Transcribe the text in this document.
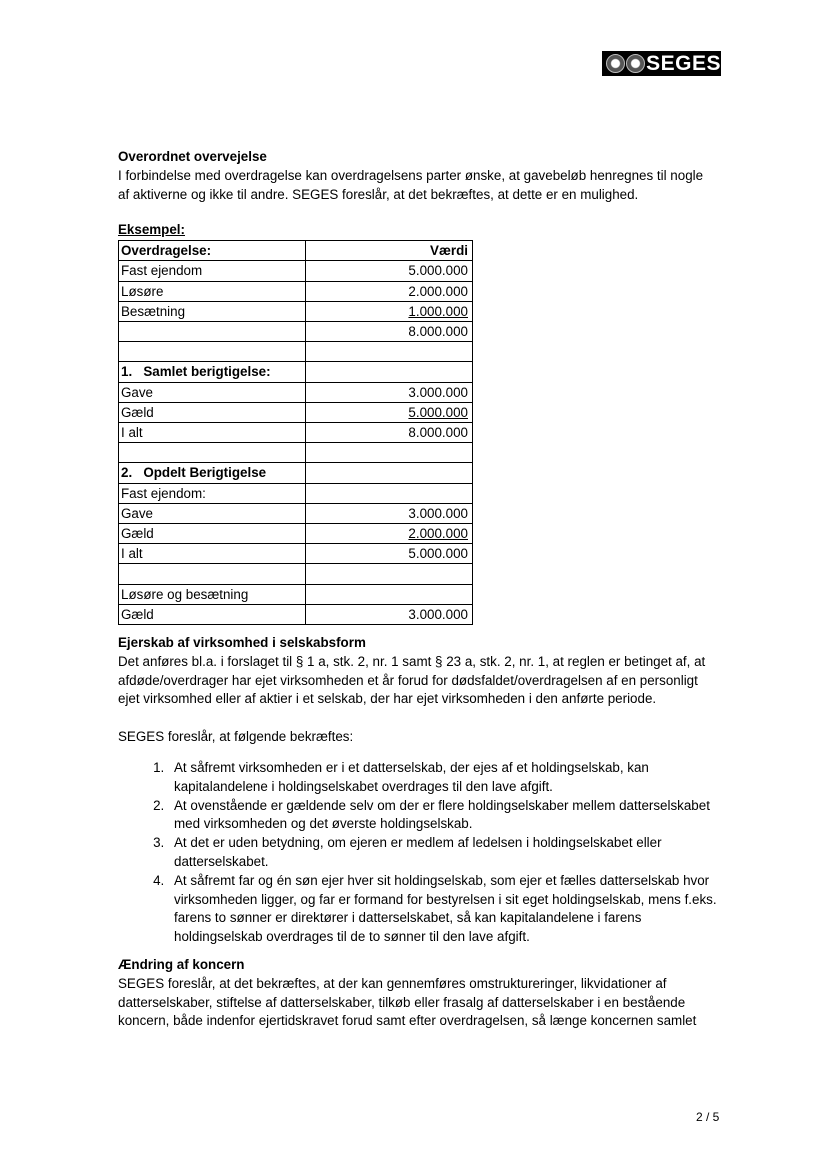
SEGES
Overordnet overvejelse
I forbindelse med overdragelse kan overdragelsens parter ønske, at gavebeløb henregnes til nogle af aktiverne og ikke til andre. SEGES foreslår, at det bekræftes, at dette er en mulighed.
Eksempel:
Overdragelse:	Værdi
Fast ejendom	5.000.000
Løsøre	2.000.000
Besætning	1.000.000
	8.000.000

1.   Samlet berigtigelse:	
Gave	3.000.000
Gæld	5.000.000
I alt	8.000.000

2.   Opdelt Berigtigelse	
Fast ejendom:	
Gave	3.000.000
Gæld	2.000.000
I alt	5.000.000

Løsøre og besætning	
Gæld	3.000.000
Ejerskab af virksomhed i selskabsform
Det anføres bl.a. i forslaget til § 1 a, stk. 2, nr. 1 samt § 23 a, stk. 2, nr. 1, at reglen er betinget af, at afdøde/overdrager har ejet virksomheden et år forud for dødsfaldet/overdragelsen af en personligt ejet virksomhed eller af aktier i et selskab, der har ejet virksomheden i den anførte periode.
SEGES foreslår, at følgende bekræftes:
1. At såfremt virksomheden er i et datterselskab, der ejes af et holdingselskab, kan kapitalandelene i holdingselskabet overdrages til den lave afgift.
2. At ovenstående er gældende selv om der er flere holdingselskaber mellem datterselskabet med virksomheden og det øverste holdingselskab.
3. At det er uden betydning, om ejeren er medlem af ledelsen i holdingselskabet eller datterselskabet.
4. At såfremt far og én søn ejer hver sit holdingselskab, som ejer et fælles datterselskab hvor virksomheden ligger, og far er formand for bestyrelsen i sit eget holdingselskab, mens f.eks. farens to sønner er direktører i datterselskabet, så kan kapitalandelene i farens holdingselskab overdrages til de to sønner til den lave afgift.
Ændring af koncern
SEGES foreslår, at det bekræftes, at der kan gennemføres omstruktureringer, likvidationer af datterselskaber, stiftelse af datterselskaber, tilkøb eller frasalg af datterselskaber i en bestående koncern, både indenfor ejertidskravet forud samt efter overdragelsen, så længe koncernen samlet
2 / 5
